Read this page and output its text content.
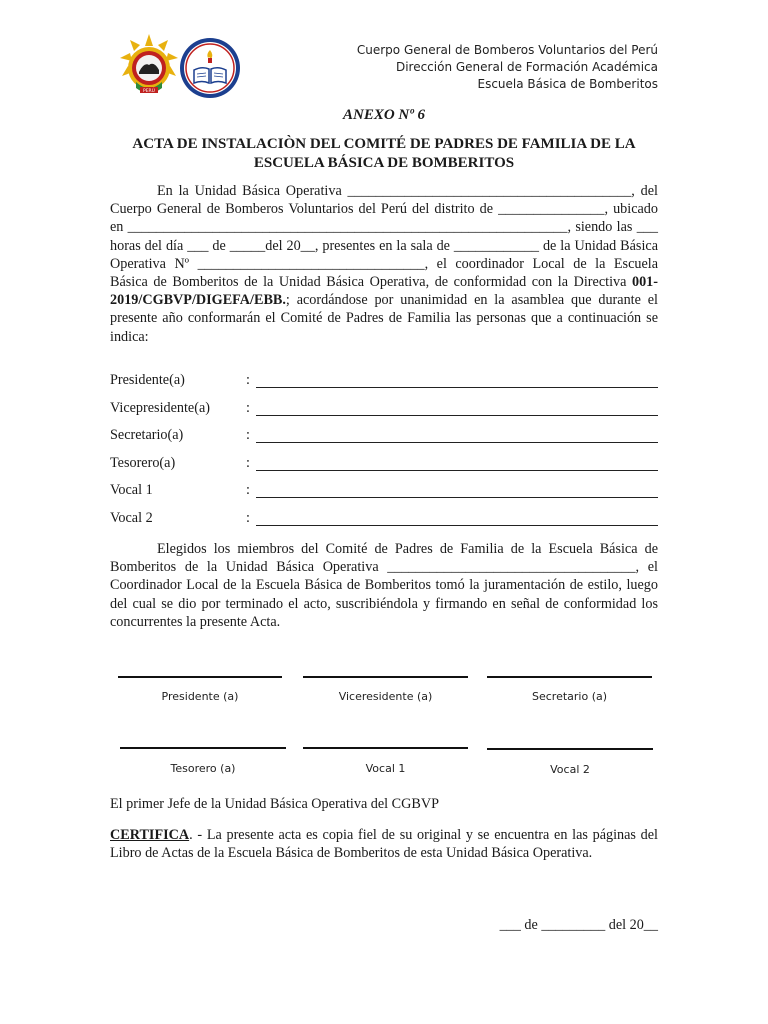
PERÚ
Cuerpo General de Bomberos Voluntarios del Perú
Dirección General de Formación Académica
Escuela Básica de Bomberitos
ANEXO Nº 6
ACTA DE INSTALACIÒN DEL COMITÉ DE PADRES DE FAMILIA DE LA ESCUELA BÁSICA DE BOMBERITOS
En la Unidad Básica Operativa ________________________________________, del Cuerpo General de Bomberos Voluntarios del Perú del distrito de _______________, ubicado en ______________________________________________________________, siendo las ___ horas del día ___ de _____del 20__, presentes en la sala de ____________ de la Unidad Básica Operativa Nº ________________________________, el coordinador Local de la Escuela Básica de Bomberitos de la Unidad Básica Operativa, de conformidad con la Directiva 001-2019/CGBVP/DIGEFA/EBB.; acordándose por unanimidad en la asamblea que durante el presente año conformarán el Comité de Padres de Familia las personas que a continuación se indica:
Presidente(a)	:
Vicepresidente(a)	:
Secretario(a)	:
Tesorero(a)	:
Vocal 1	:
Vocal 2	:
Elegidos los miembros del Comité de Padres de Familia de la Escuela Básica de Bomberitos de la Unidad Básica Operativa ___________________________________, el Coordinador Local de la Escuela Básica de Bomberitos tomó la juramentación de estilo, luego del cual se dio por terminado el acto, suscribiéndola y firmando en señal de conformidad los concurrentes la presente Acta.
Presidente (a)	Viceresidente (a)	Secretario (a)
Tesorero (a)	Vocal 1	Vocal 2
El primer Jefe de la Unidad Básica Operativa del CGBVP
CERTIFICA. - La presente acta es copia fiel de su original y se encuentra en las páginas del Libro de Actas de la Escuela Básica de Bomberitos de esta Unidad Básica Operativa.
___ de _________ del 20__
